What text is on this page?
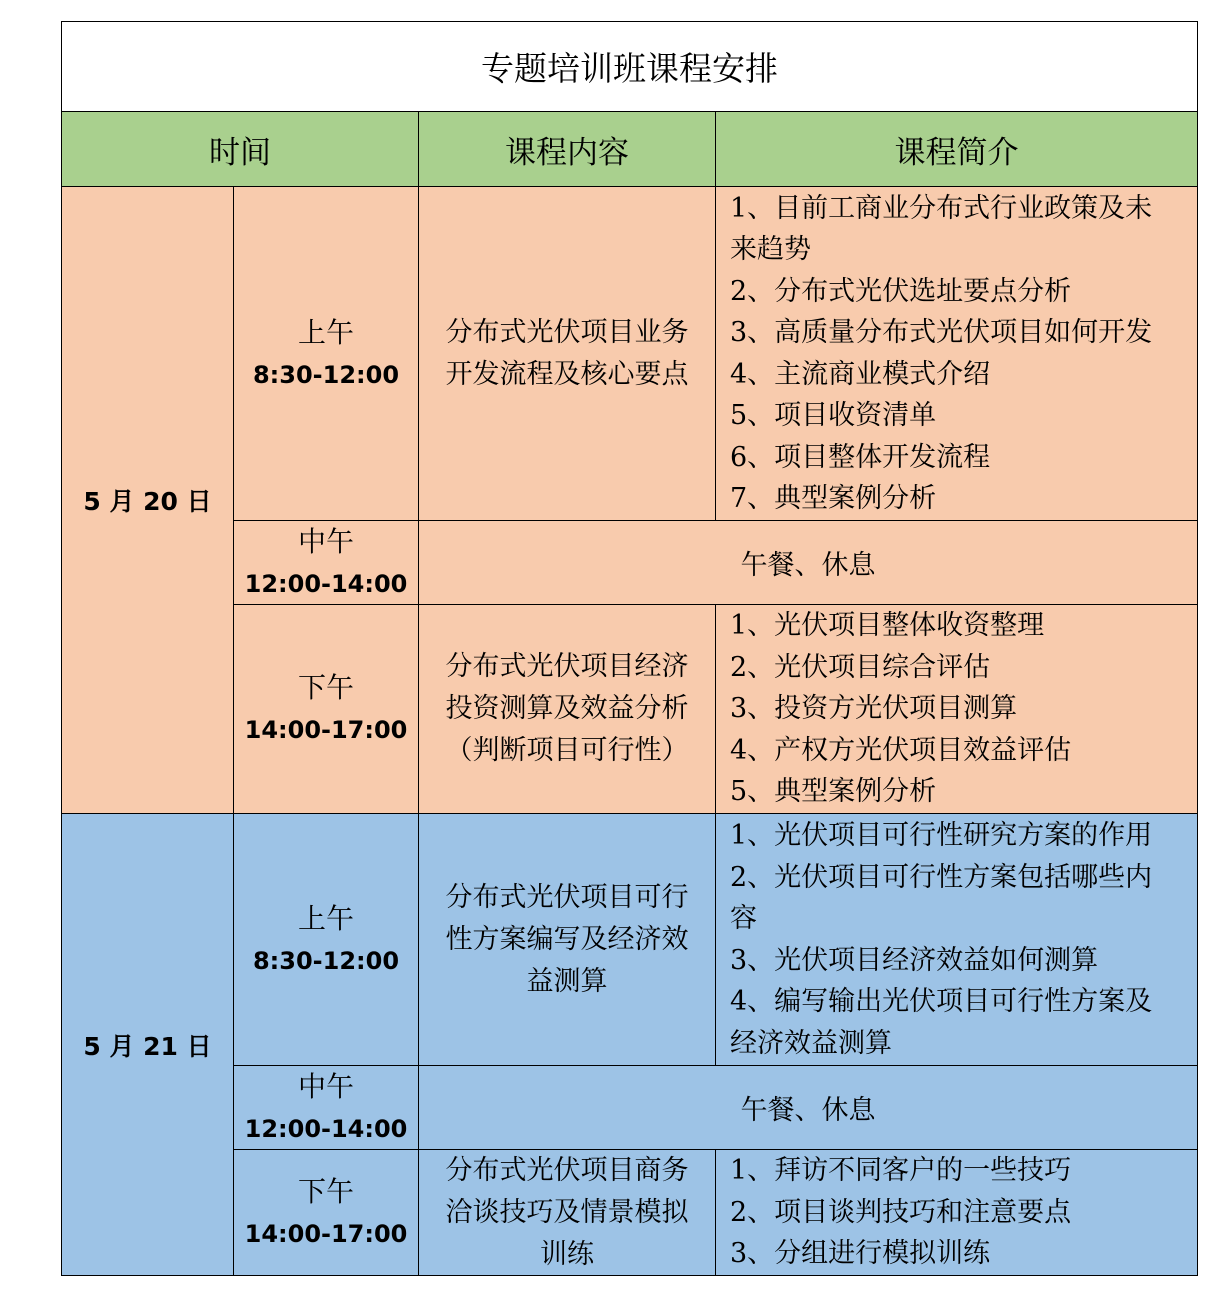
专题培训班课程安排
时间	课程内容	课程简介
5 月 20 日
上午
8:30-12:00
分布式光伏项目业务
开发流程及核心要点
1、目前工商业分布式行业政策及未
来趋势
2、分布式光伏选址要点分析
3、高质量分布式光伏项目如何开发
4、主流商业模式介绍
5、项目收资清单
6、项目整体开发流程
7、典型案例分析
中午
12:00-14:00
午餐、休息
下午
14:00-17:00
分布式光伏项目经济
投资测算及效益分析
（判断项目可行性）
1、光伏项目整体收资整理
2、光伏项目综合评估
3、投资方光伏项目测算
4、产权方光伏项目效益评估
5、典型案例分析
5 月 21 日
上午
8:30-12:00
分布式光伏项目可行
性方案编写及经济效
益测算
1、光伏项目可行性研究方案的作用
2、光伏项目可行性方案包括哪些内
容
3、光伏项目经济效益如何测算
4、编写输出光伏项目可行性方案及
经济效益测算
中午
12:00-14:00
午餐、休息
下午
14:00-17:00
分布式光伏项目商务
洽谈技巧及情景模拟
训练
1、拜访不同客户的一些技巧
2、项目谈判技巧和注意要点
3、分组进行模拟训练
